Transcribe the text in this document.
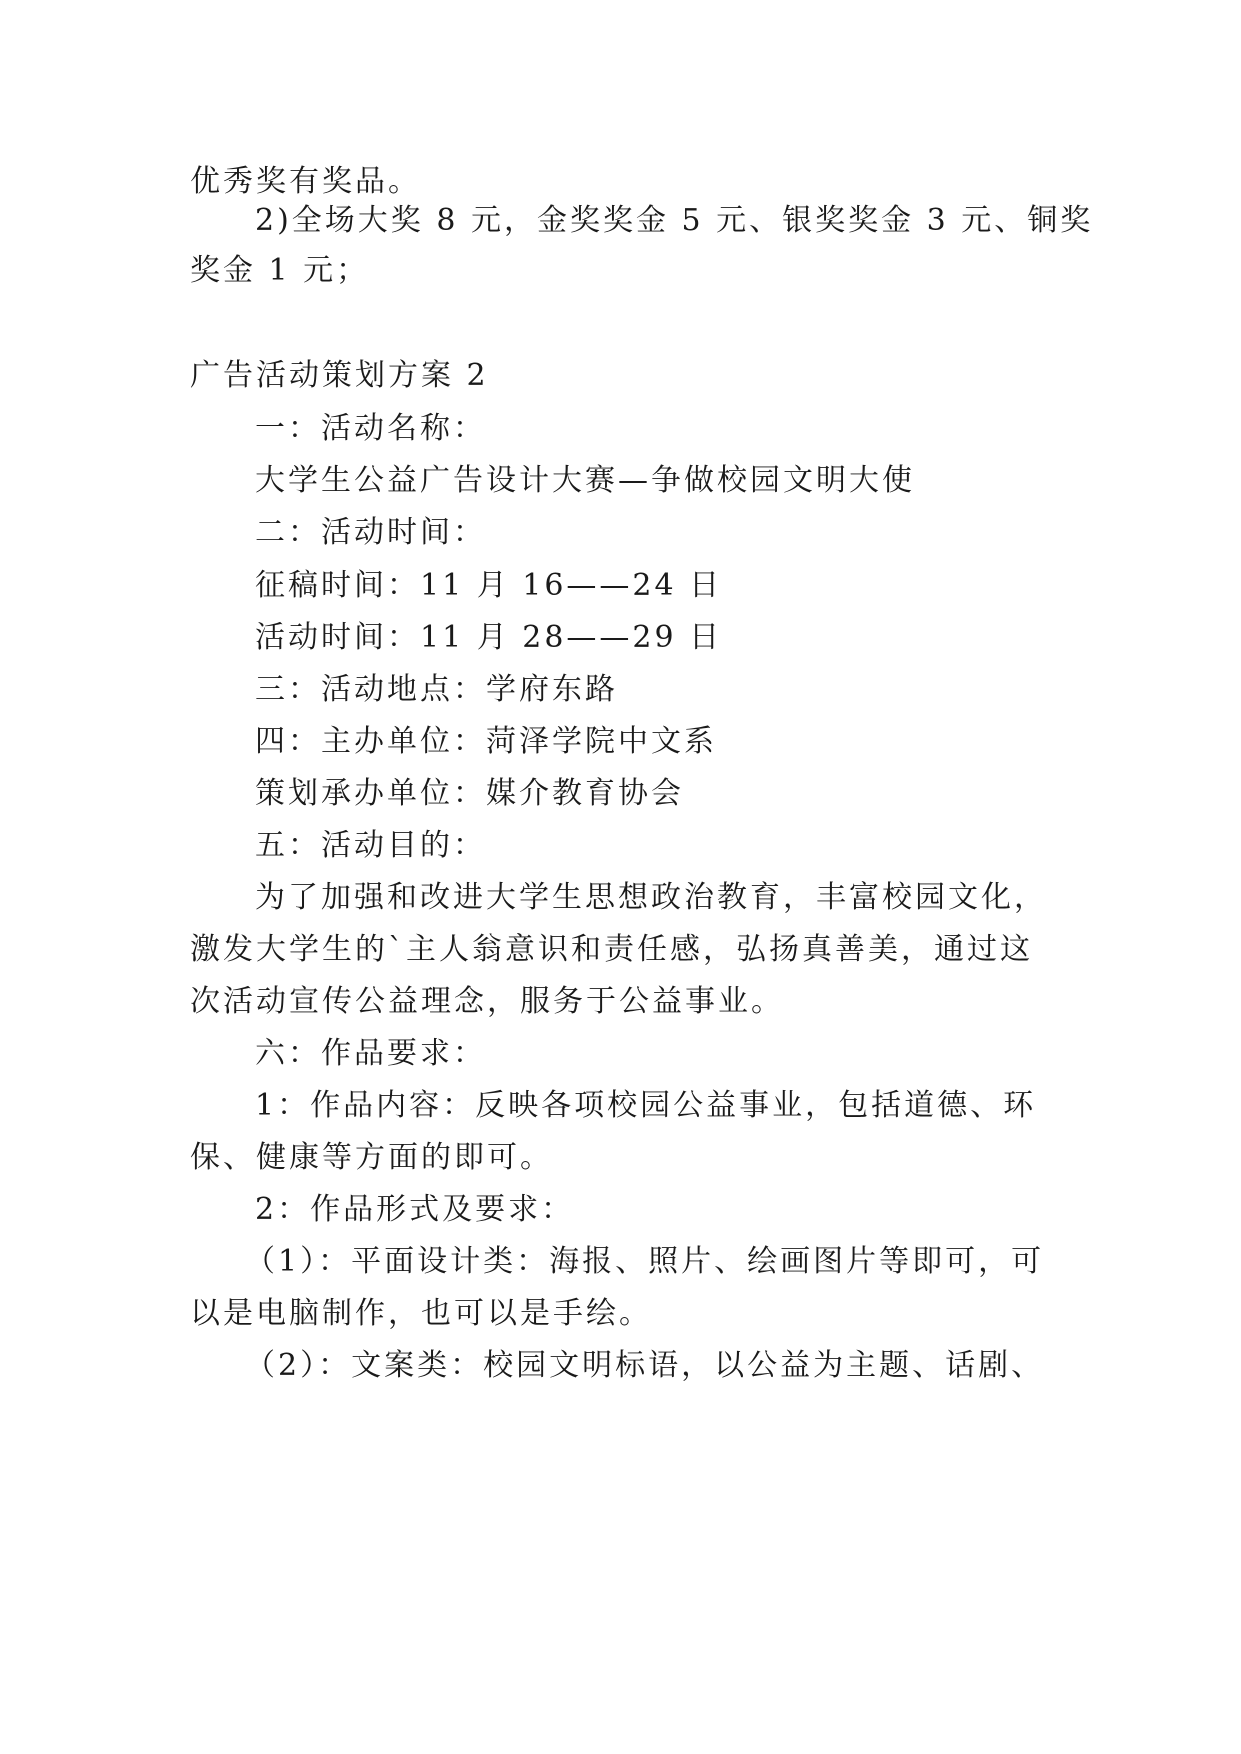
优秀奖有奖品。
2)全场大奖 8 元，金奖奖金 5 元、银奖奖金 3 元、铜奖
奖金 1 元；
广告活动策划方案 2
一：活动名称：
大学生公益广告设计大赛—争做校园文明大使
二：活动时间：
征稿时间：11 月 16——24 日
活动时间：11 月 28——29 日
三：活动地点：学府东路
四：主办单位：菏泽学院中文系
策划承办单位：媒介教育协会
五：活动目的：
为了加强和改进大学生思想政治教育，丰富校园文化，
激发大学生的`主人翁意识和责任感，弘扬真善美，通过这
次活动宣传公益理念，服务于公益事业。
六：作品要求：
1：作品内容：反映各项校园公益事业，包括道德、环
保、健康等方面的即可。
2：作品形式及要求：
（1）：平面设计类：海报、照片、绘画图片等即可，可
以是电脑制作，也可以是手绘。
（2）：文案类：校园文明标语，以公益为主题、话剧、
